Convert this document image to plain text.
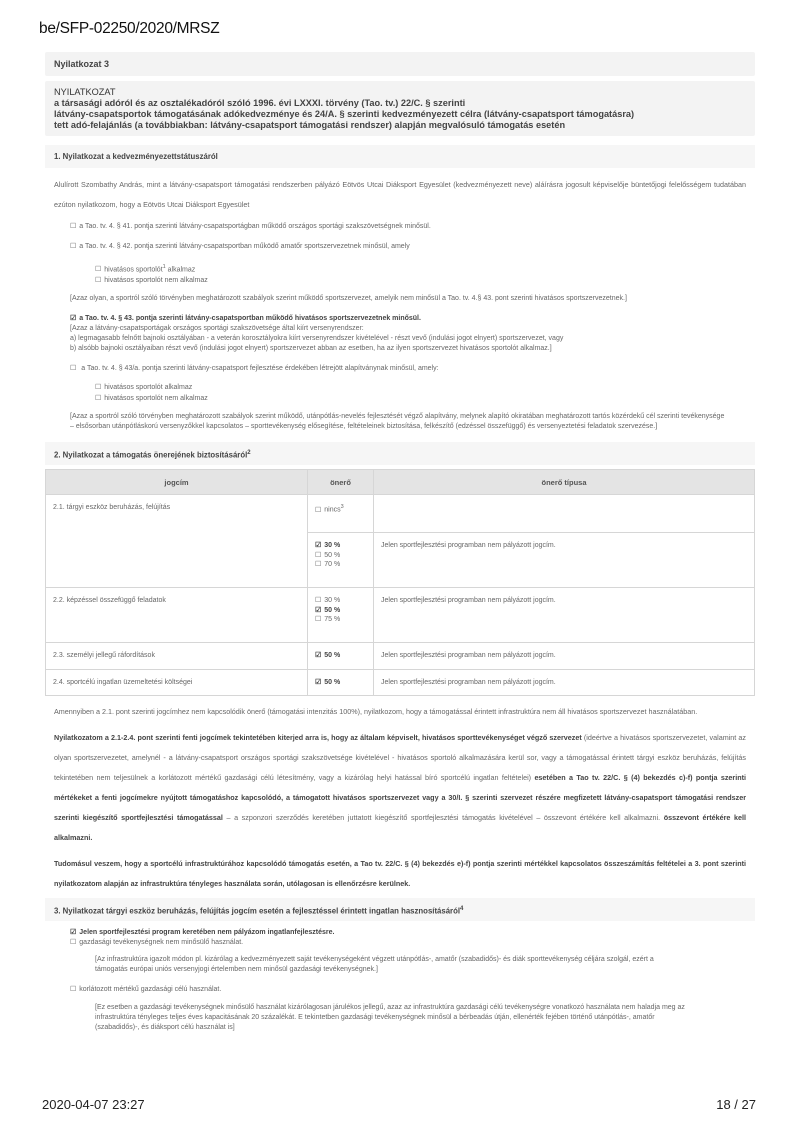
be/SFP-02250/2020/MRSZ
Nyilatkozat 3
NYILATKOZAT
a társasági adóról és az osztalékadóról szóló 1996. évi LXXXI. törvény (Tao. tv.) 22/C. § szerinti
látvány-csapatsportok támogatásának adókedvezménye és 24/A. § szerinti kedvezményezett célra (látvány-csapatsport támogatásra)
tett adó-felajánlás (a továbbiakban: látvány-csapatsport támogatási rendszer) alapján megvalósuló támogatás esetén
1. Nyilatkozat a kedvezményezettstátuszáról
Alulírott Szombathy András, mint a látvány-csapatsport támogatási rendszerben pályázó Eötvös Utcai Diáksport Egyesület (kedvezményezett neve) aláírásra jogosult képviselője büntetőjogi felelősségem tudatában ezúton nyilatkozom, hogy a Eötvös Utcai Diáksport Egyesület
☐ a Tao. tv. 4. § 41. pontja szerinti látvány-csapatsportágban működő országos sportági szakszövetségnek minősül.
☐ a Tao. tv. 4. § 42. pontja szerinti látvány-csapatsportban működő amatőr sportszervezetnek minősül, amely
☐ hivatásos sportolót$^1$ alkalmaz
☐ hivatásos sportolót nem alkalmaz
[Azaz olyan, a sportról szóló törvényben meghatározott szabályok szerint működő sportszervezet, amelyik nem minősül a Tao. tv. 4.§ 43. pont szerinti hivatásos sportszervezetnek.]
☑ a Tao. tv. 4. § 43. pontja szerinti látvány-csapatsportban működő hivatásos sportszervezetnek minősül.
[Azaz a látvány-csapatsportágak országos sportági szakszövetsége által kiírt versenyrendszer:
a) legmagasabb felnőtt bajnoki osztályában - a veterán korosztályokra kiírt versenyrendszer kivételével - részt vevő (indulási jogot elnyert) sportszervezet, vagy
b) alsóbb bajnoki osztályaiban részt vevő (indulási jogot elnyert) sportszervezet abban az esetben, ha az ilyen sportszervezet hivatásos sportolót alkalmaz.]
☐ a Tao. tv. 4. § 43/a. pontja szerinti látvány-csapatsport fejlesztése érdekében létrejött alapítványnak minősül, amely:
☐ hivatásos sportolót alkalmaz
☐ hivatásos sportolót nem alkalmaz
[Azaz a sportról szóló törvényben meghatározott szabályok szerint működő, utánpótlás-nevelés fejlesztését végző alapítvány, melynek alapító okiratában meghatározott tartós közérdekű cél szerinti tevékenysége – elsősorban utánpótláskorú versenyzőkkel kapcsolatos – sporttevékenység elősegítése, feltételeinek biztosítása, felkészítő (edzéssel összefüggő) és versenyeztetési feladatok szervezése.]
2. Nyilatkozat a támogatás önerejének biztosításáról$^2$
jogcím	önerő	önerő típusa
2.1. tárgyi eszköz beruházás, felújítás	☐ nincs$^3$

	☑ 30 %
☐ 50 %
☐ 70 %	Jelen sportfejlesztési programban nem pályázott jogcím.
2.2. képzéssel összefüggő feladatok	☐ 30 %
☑ 50 %
☐ 75 %	Jelen sportfejlesztési programban nem pályázott jogcím.
2.3. személyi jellegű ráfordítások	☑ 50 %	Jelen sportfejlesztési programban nem pályázott jogcím.
2.4. sportcélú ingatlan üzemeltetési költségei	☑ 50 %	Jelen sportfejlesztési programban nem pályázott jogcím.
Amennyiben a 2.1. pont szerinti jogcímhez nem kapcsolódik önerő (támogatási intenzitás 100%), nyilatkozom, hogy a támogatással érintett infrastruktúra nem áll hivatásos sportszervezet használatában.
Nyilatkozatom a 2.1-2.4. pont szerinti fenti jogcímek tekintetében kiterjed arra is, hogy az általam képviselt, hivatásos sporttevékenységet végző szervezet (ideértve a hivatásos sportszervezetet, valamint az olyan sportszervezetet, amelynél - a látvány-csapatsport országos sportági szakszövetsége kivételével - hivatásos sportoló alkalmazására kerül sor, vagy a támogatással érintett tárgyi eszköz beruházás, felújítás tekintetében nem teljesülnek a korlátozott mértékű gazdasági célú létesítmény, vagy a kizárólag helyi hatással bíró sportcélú ingatlan feltételei) esetében a Tao tv. 22/C. § (4) bekezdés c)-f) pontja szerinti mértékeket a fenti jogcímekre nyújtott támogatáshoz kapcsolódó, a támogatott hivatásos sportszervezet vagy a 30/I. § szerinti szervezet részére megfizetett látvány-csapatsport támogatási rendszer szerinti kiegészítő sportfejlesztési támogatással – a szponzori szerződés keretében juttatott kiegészítő sportfejlesztési támogatás kivételével – összevont értékére kell alkalmazni. összevont értékére kell alkalmazni.
Tudomásul veszem, hogy a sportcélú infrastruktúrához kapcsolódó támogatás esetén, a Tao tv. 22/C. § (4) bekezdés e)-f) pontja szerinti mértékkel kapcsolatos összeszámítás feltételei a 3. pont szerinti nyilatkozatom alapján az infrastruktúra tényleges használata során, utólagosan is ellenőrzésre kerülnek.
3. Nyilatkozat tárgyi eszköz beruházás, felújítás jogcím esetén a fejlesztéssel érintett ingatlan hasznosításáról$^4$
☑ Jelen sportfejlesztési program keretében nem pályázom ingatlanfejlesztésre.
☐ gazdasági tevékenységnek nem minősülő használat.
[Az infrastruktúra igazolt módon pl. kizárólag a kedvezményezett saját tevékenységeként végzett utánpótlás-, amatőr (szabadidős)- és diák sporttevékenység céljára szolgál, ezért a támogatás európai uniós versenyjogi értelemben nem minősül gazdasági tevékenységnek.]
☐ korlátozott mértékű gazdasági célú használat.
[Ez esetben a gazdasági tevékenységnek minősülő használat kizárólagosan járulékos jellegű, azaz az infrastruktúra gazdasági célú tevékenységre vonatkozó használata nem haladja meg az infrastruktúra tényleges teljes éves kapacitásának 20 százalékát. E tekintetben gazdasági tevékenységnek minősül a bérbeadás útján, ellenérték fejében történő utánpótlás-, amatőr (szabadidős)-, és diáksport célú használat is]
2020-04-07 23:27	18 / 27
